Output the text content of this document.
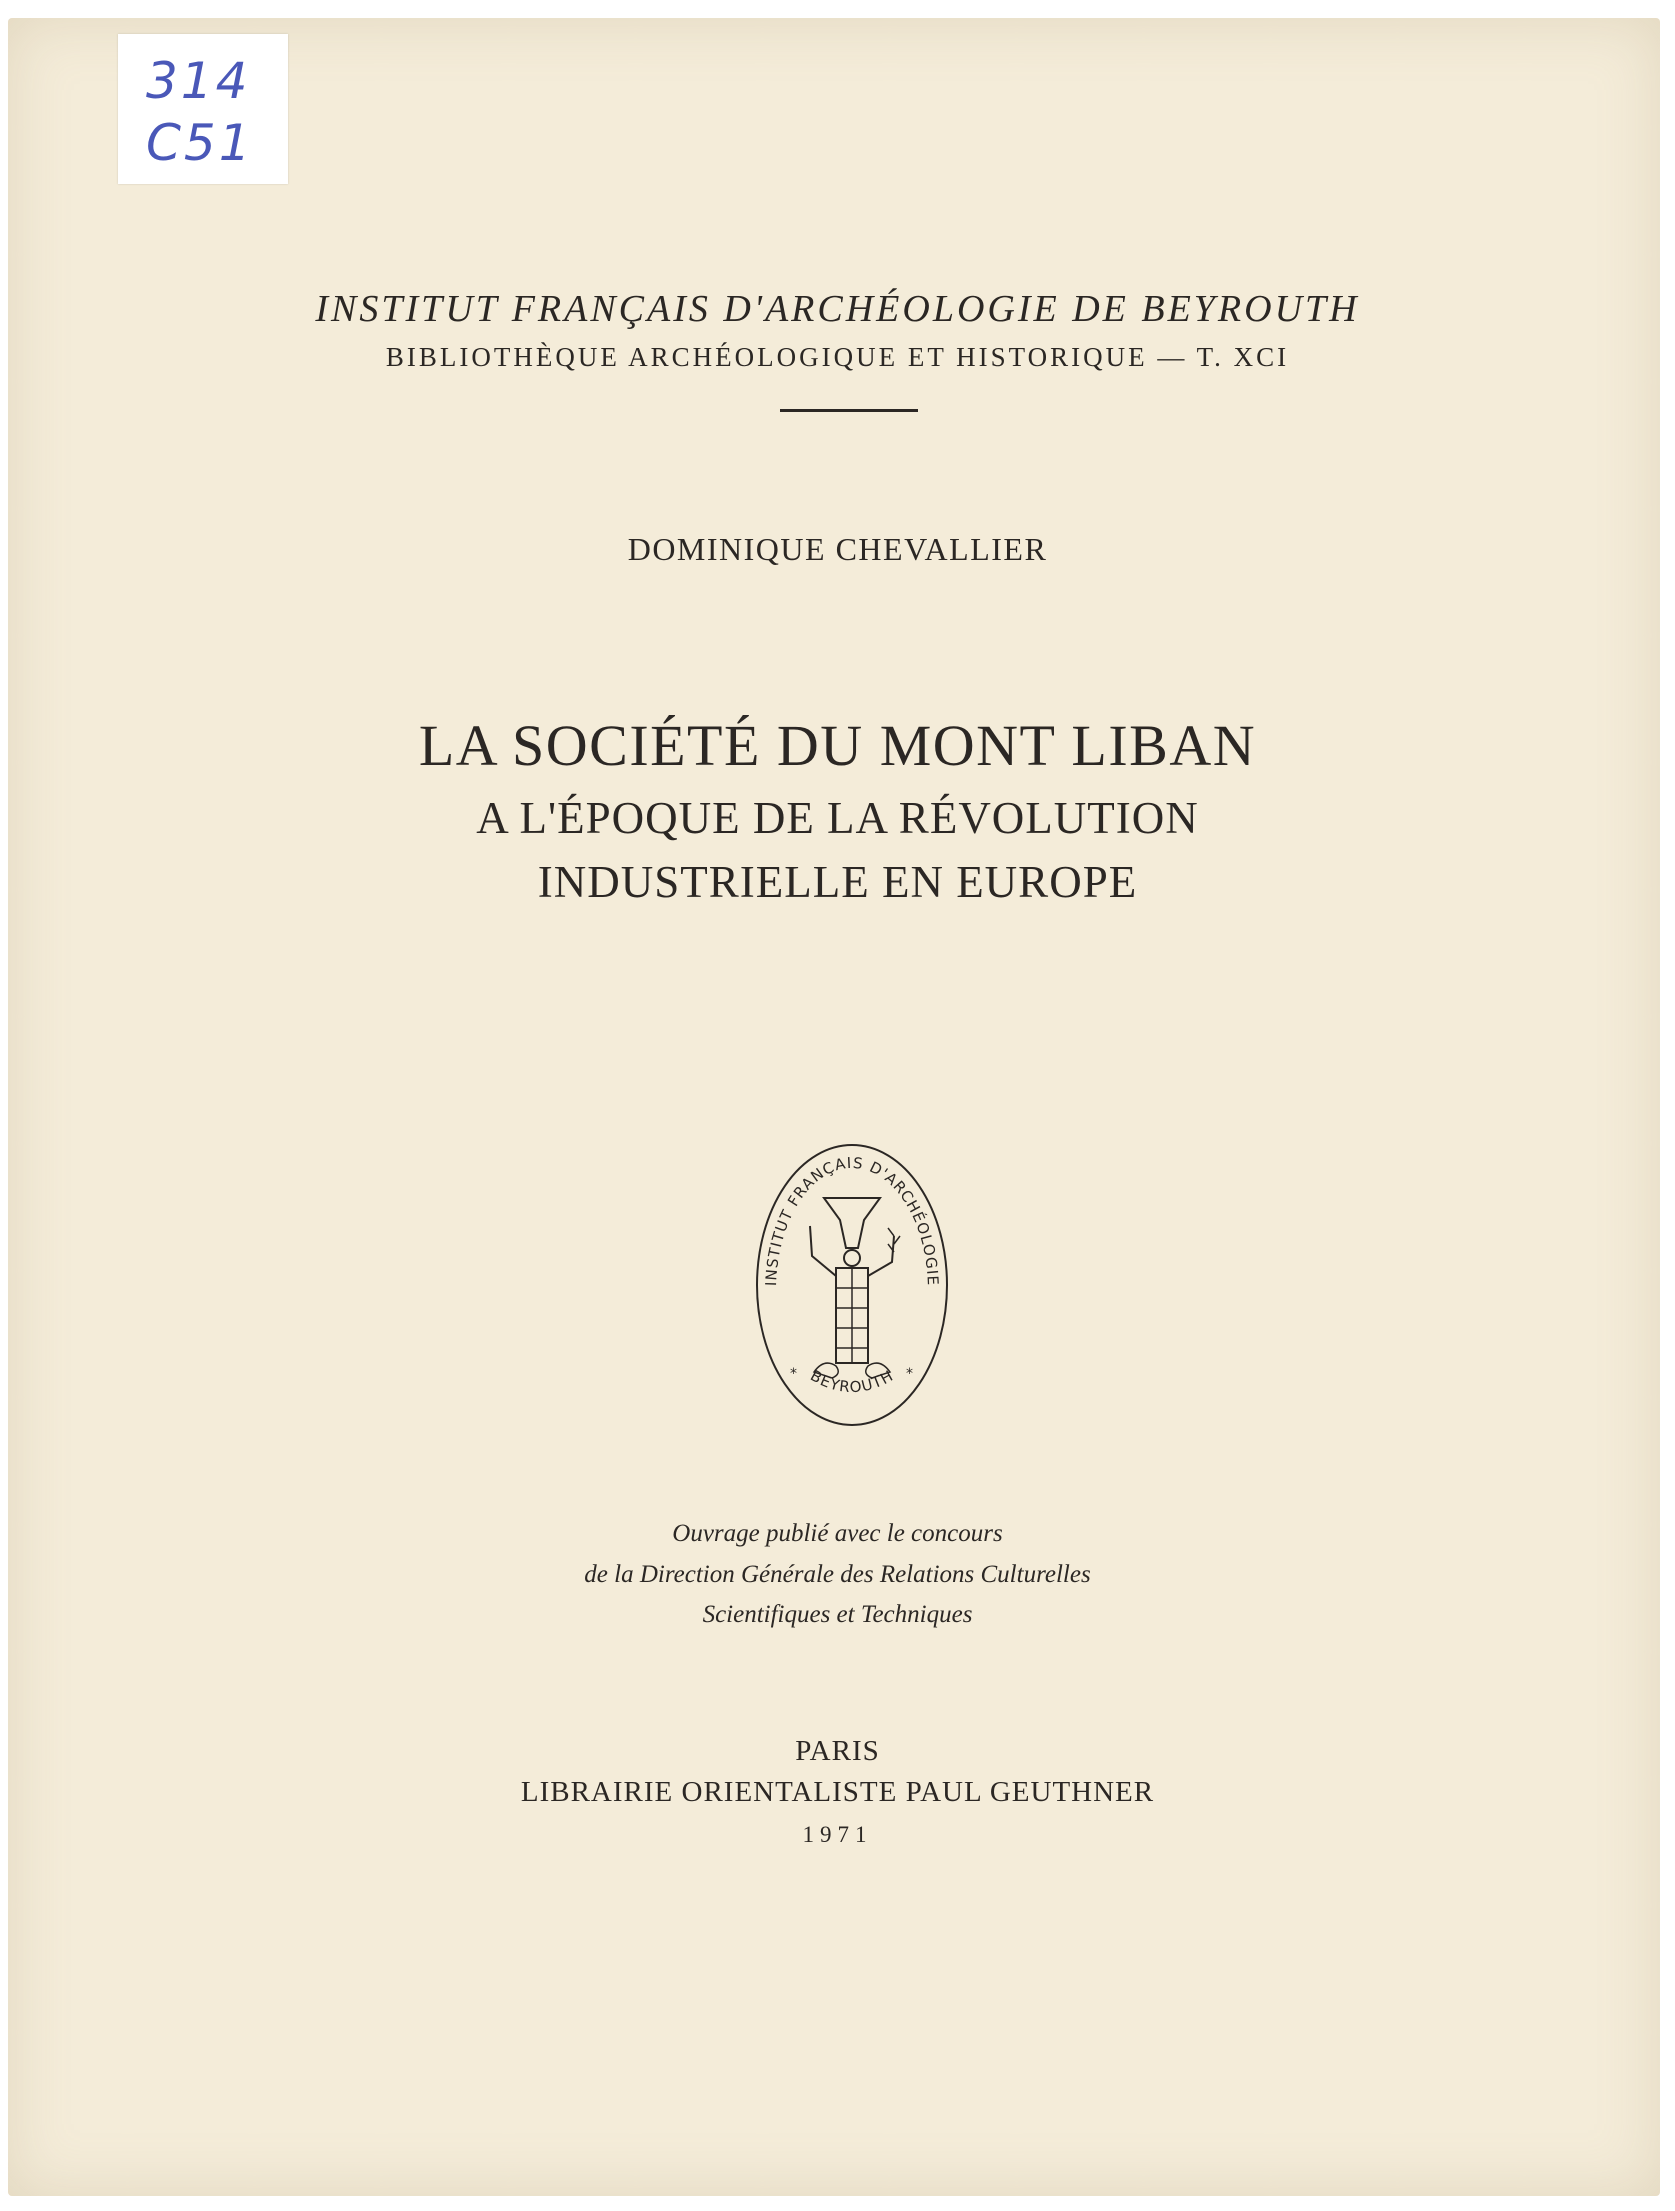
314
C51
INSTITUT FRANÇAIS D'ARCHÉOLOGIE DE BEYROUTH
BIBLIOTHÈQUE ARCHÉOLOGIQUE ET HISTORIQUE — T. XCI
DOMINIQUE CHEVALLIER
LA SOCIÉTÉ DU MONT LIBAN
A L'ÉPOQUE DE LA RÉVOLUTION
INDUSTRIELLE EN EUROPE
INSTITUT FRANÇAIS D'ARCHÉOLOGIE
BEYROUTH
*	*
Ouvrage publié avec le concours
de la Direction Générale des Relations Culturelles
Scientifiques et Techniques
PARIS
LIBRAIRIE ORIENTALISTE PAUL GEUTHNER
1971
